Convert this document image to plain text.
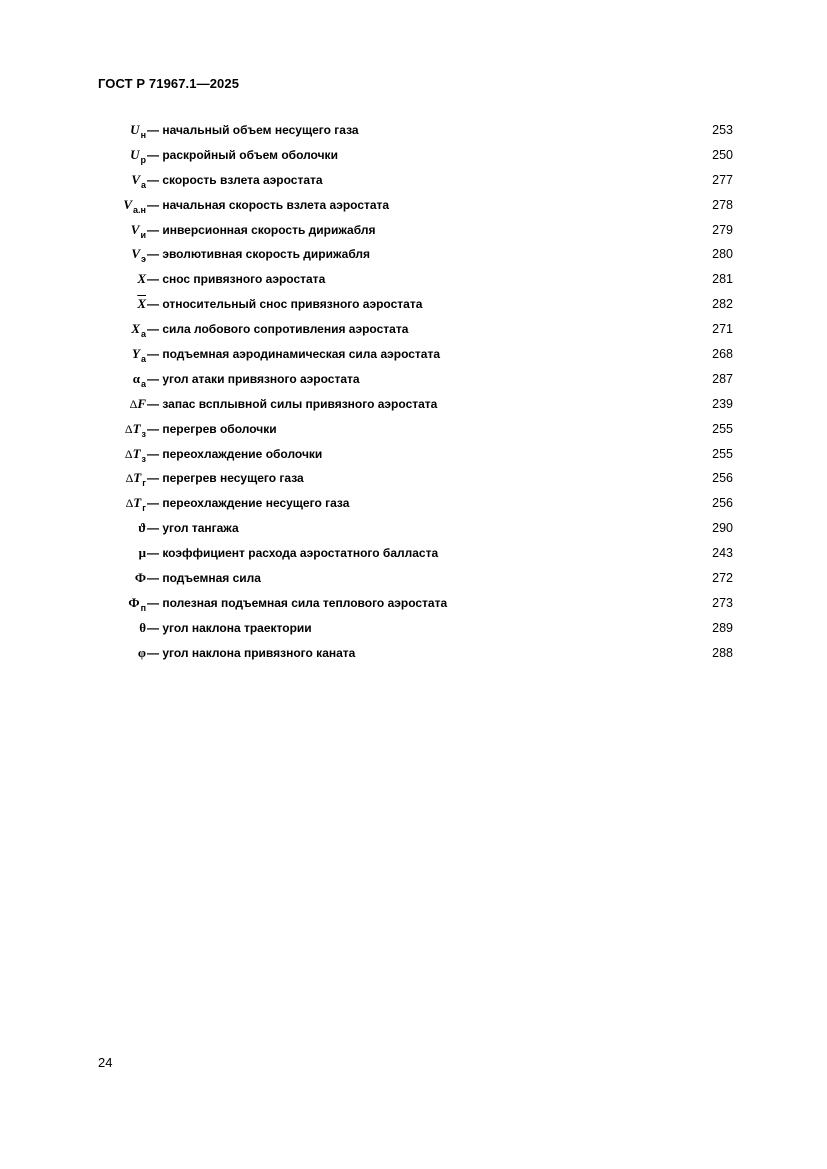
ГОСТ Р 71967.1—2025
$U_н$ — начальный объем несущего газа	253
$U_р$ — раскройный объем оболочки	250
$V_а$ — скорость взлета аэростата	277
$V_{а.н}$ — начальная скорость взлета аэростата	278
$V_и$ — инверсионная скорость дирижабля	279
$V_э$ — эволютивная скорость дирижабля	280
X — снос привязного аэростата	281
$\overline{X}$ — относительный снос привязного аэростата	282
$X_а$ — сила лобового сопротивления аэростата	271
$Y_а$ — подъемная аэродинамическая сила аэростата	268
$\alpha_а$ — угол атаки привязного аэростата	287
ΔF — запас всплывной силы привязного аэростата	239
$\Delta T_з$ — перегрев оболочки	255
$\Delta T_з$ — переохлаждение оболочки	255
$\Delta T_г$ — перегрев несущего газа	256
$\Delta T_г$ — переохлаждение несущего газа	256
ϑ — угол тангажа	290
μ — коэффициент расхода аэростатного балласта	243
Ф — подъемная сила	272
$Ф_п$ — полезная подъемная сила теплового аэростата	273
θ — угол наклона траектории	289
φ — угол наклона привязного каната	288
24
